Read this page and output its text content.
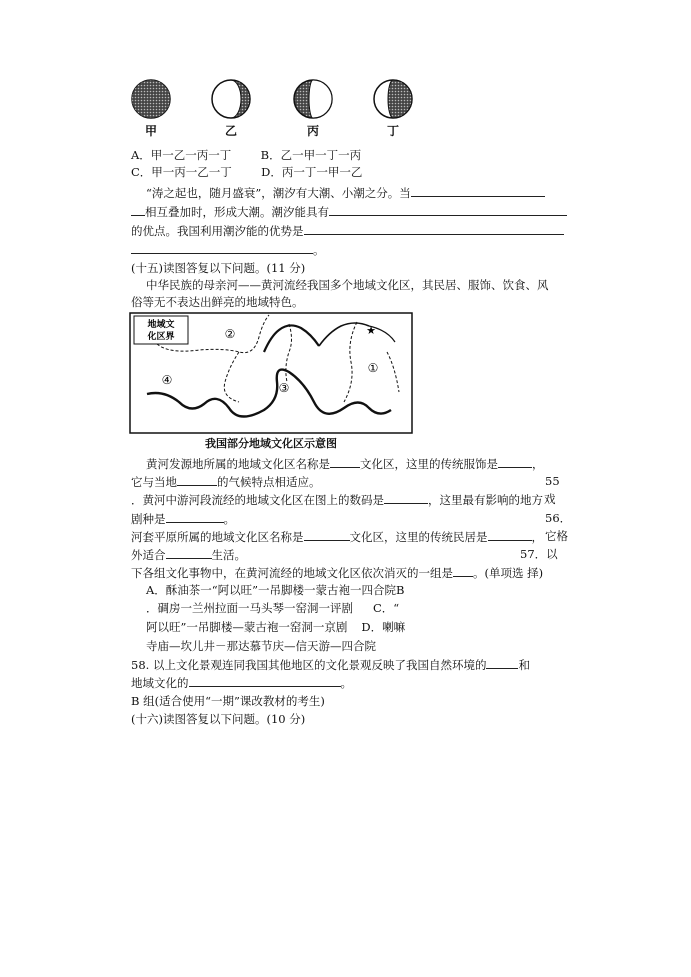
甲	乙	丙	丁
A．甲一乙一丙一丁	B．乙一甲一丁一丙
C．甲一丙一乙一丁	D．丙一丁一甲一乙
“涛之起也，随月盛衰”，潮汐有大潮、小潮之分。当
相互叠加时，形成大潮。潮汐能具有
的优点。我国利用潮汐能的优势是
。
(十五)读图答复以下问题。(11 分)
中华民族的母亲河——黄河流经我国多个地域文化区，其民居、服饰、饮食、风
俗等无不表达出鲜亮的地域特色。
地域文
化区界	②
④
③
①
★
我国部分地域文化区示意图
黄河发源地所属的地域文化区名称是	文化区，这里的传统服饰是	，
55
它与当地	的气候特点相适应。
．黄河中游河段流经的地域文化区在图上的数码是	，这里最有影响的地方 戏
剧种是	。	56．
河套平原所属的地域文化区名称是	文化区，这里的传统民居是	， 它格
外适合	生活。	57．以
下各组文化事物中，在黄河流经的地域文化区依次消灭的一组是 。(单项选 择)
A．酥油茶一“阿以旺”一吊脚楼一蒙古袍一四合院B
．碉房一兰州拉面一马头琴一窑洞一评剧 C．“
阿以旺”一吊脚楼—蒙古袍一窑洞一京剧 D．喇嘛
寺庙—坎儿井－那达慕节庆—信天游—四合院
58. 以上文化景观连同我国其他地区的文化景观反映了我国自然环境的	和
地域文化的	。
B 组(适合使用“一期”课改教材的考生)
(十六)读图答复以下问题。(10 分)
